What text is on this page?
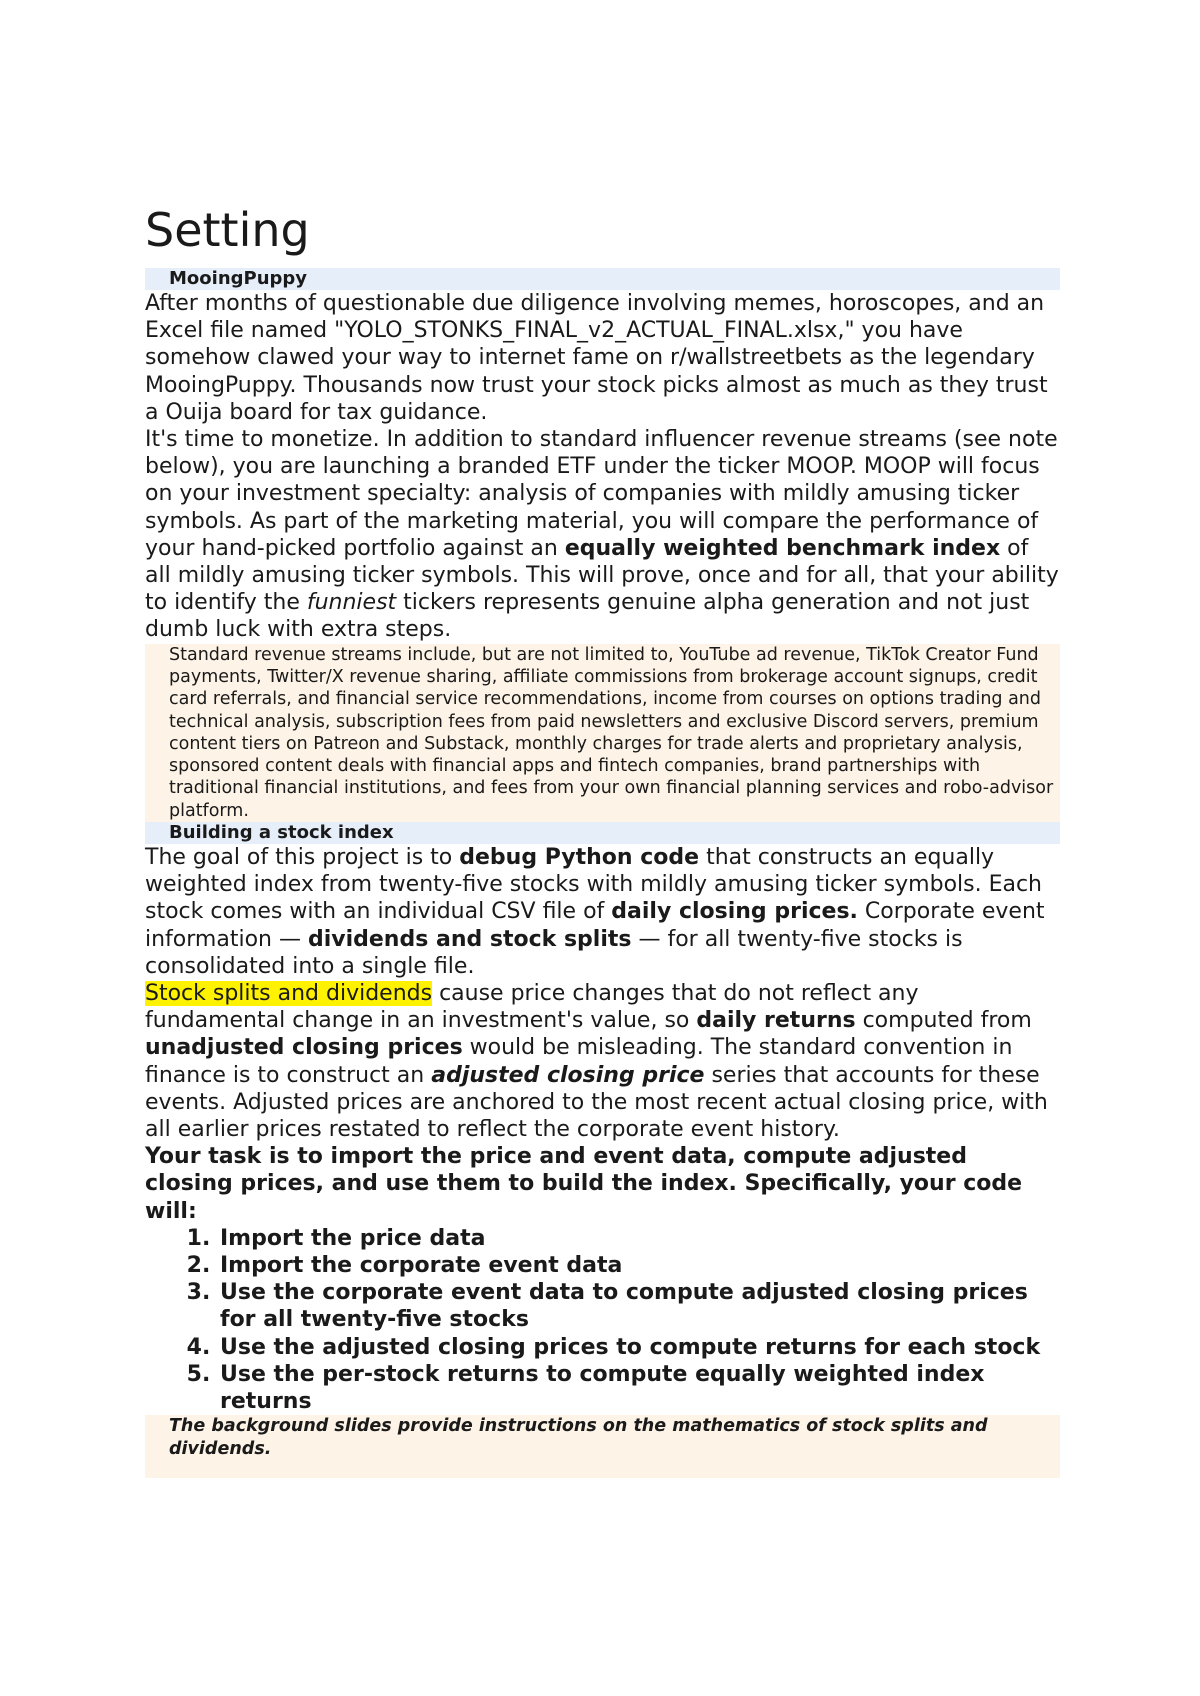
Setting
MooingPuppy

After months of questionable due diligence involving memes, horoscopes, and an Excel file named "YOLO_STONKS_FINAL_v2_ACTUAL_FINAL.xlsx," you have somehow clawed your way to internet fame on r/wallstreetbets as the legendary MooingPuppy. Thousands now trust your stock picks almost as much as they trust a Ouija board for tax guidance.

It's time to monetize. In addition to standard influencer revenue streams (see note below), you are launching a branded ETF under the ticker MOOP. MOOP will focus on your investment specialty: analysis of companies with mildly amusing ticker symbols. As part of the marketing material, you will compare the performance of your hand-picked portfolio against an equally weighted benchmark index of all mildly amusing ticker symbols. This will prove, once and for all, that your ability to identify the funniest tickers represents genuine alpha generation and not just dumb luck with extra steps.

Standard revenue streams include, but are not limited to, YouTube ad revenue, TikTok Creator Fund payments, Twitter/X revenue sharing, affiliate commissions from brokerage account signups, credit card referrals, and financial service recommendations, income from courses on options trading and technical analysis, subscription fees from paid newsletters and exclusive Discord servers, premium content tiers on Patreon and Substack, monthly charges for trade alerts and proprietary analysis, sponsored content deals with financial apps and fintech companies, brand partnerships with traditional financial institutions, and fees from your own financial planning services and robo-advisor platform.

Building a stock index

The goal of this project is to debug Python code that constructs an equally weighted index from twenty-five stocks with mildly amusing ticker symbols. Each stock comes with an individual CSV file of daily closing prices. Corporate event information — dividends and stock splits — for all twenty-five stocks is consolidated into a single file.

Stock splits and dividends cause price changes that do not reflect any fundamental change in an investment's value, so daily returns computed from unadjusted closing prices would be misleading. The standard convention in finance is to construct an adjusted closing price series that accounts for these events. Adjusted prices are anchored to the most recent actual closing price, with all earlier prices restated to reflect the corporate event history.

Your task is to import the price and event data, compute adjusted closing prices, and use them to build the index. Specifically, your code will:

1. Import the price data
2. Import the corporate event data
3. Use the corporate event data to compute adjusted closing prices for all twenty-five stocks
4. Use the adjusted closing prices to compute returns for each stock
5. Use the per-stock returns to compute equally weighted index returns

The background slides provide instructions on the mathematics of stock splits and dividends.
